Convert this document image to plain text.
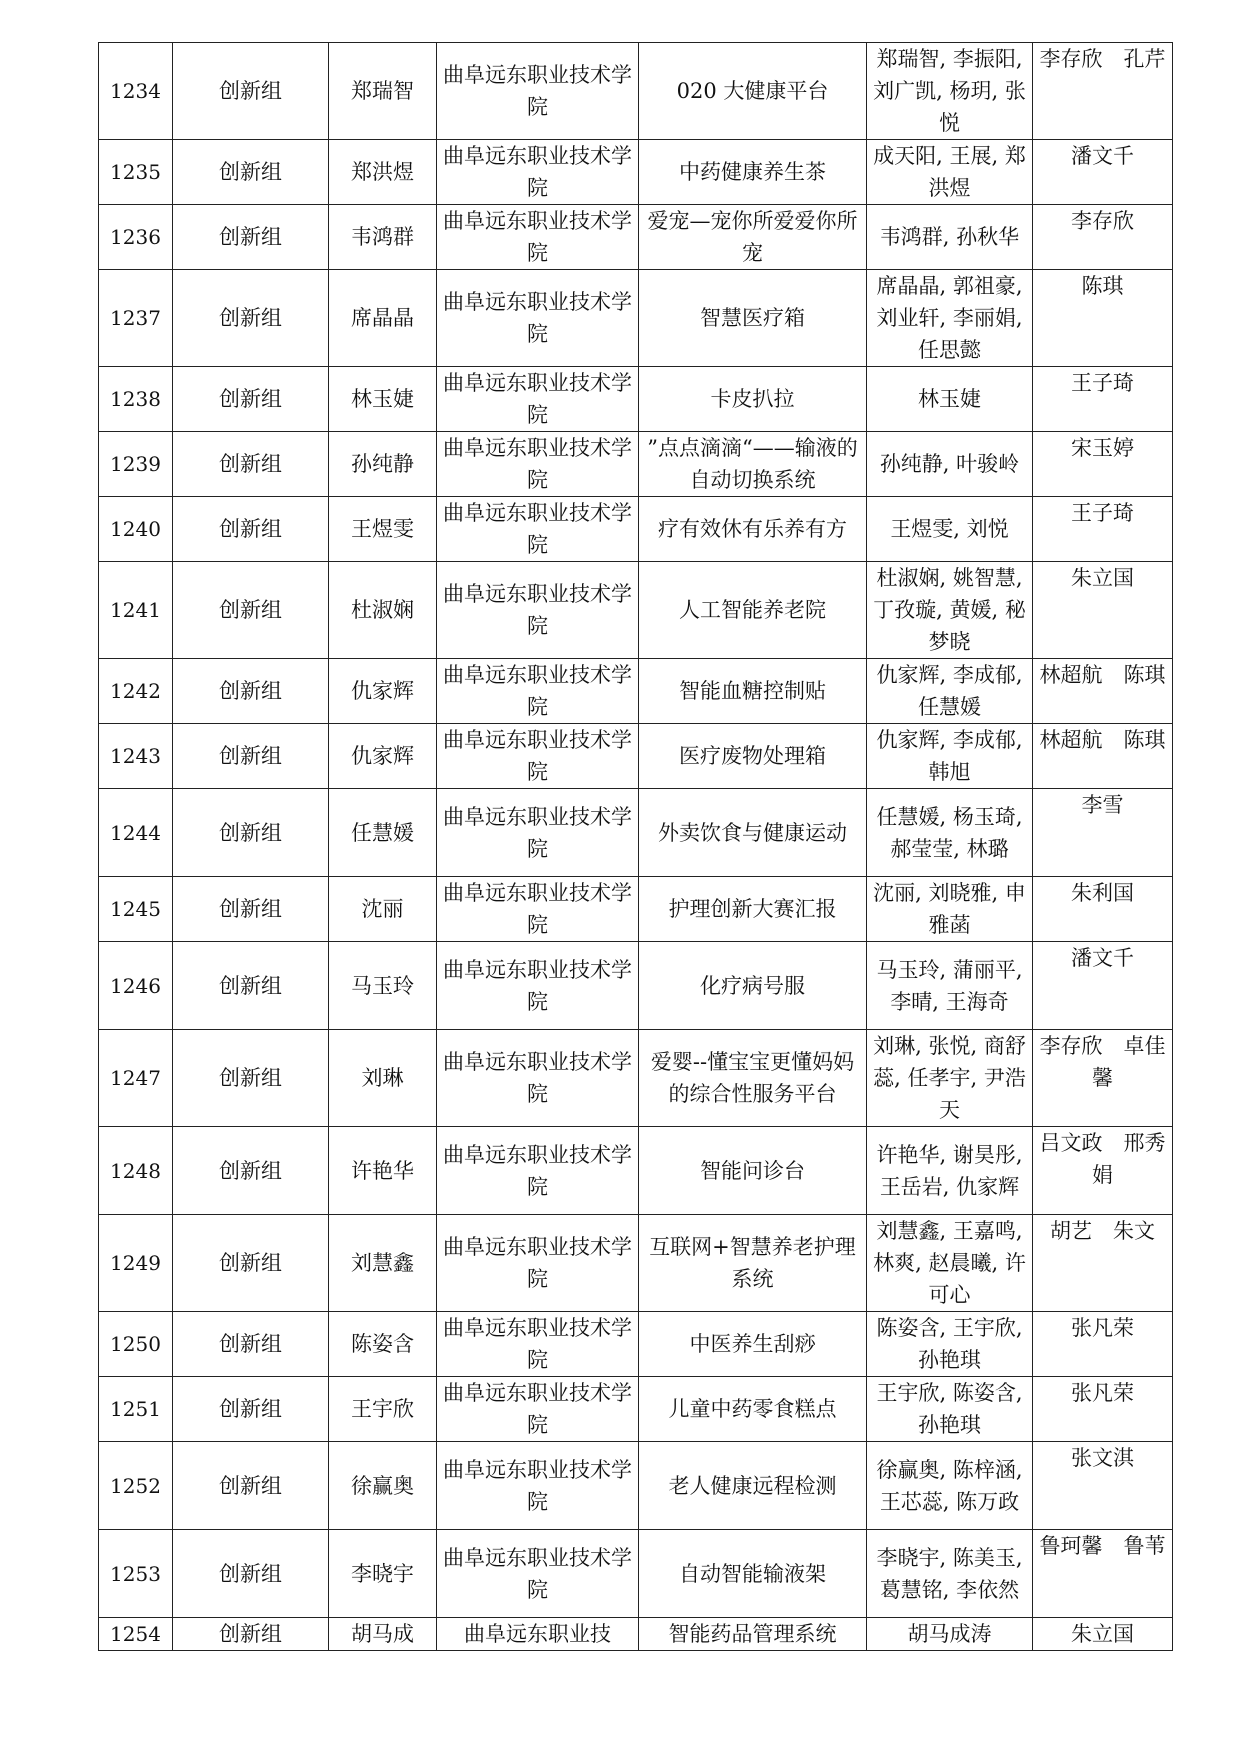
1234	创新组	郑瑞智	曲阜远东职业技术学院	020 大健康平台	郑瑞智, 李振阳, 刘广凯, 杨玥, 张悦	李存欣　孔芹
1235	创新组	郑洪煜	曲阜远东职业技术学院	中药健康养生茶	成天阳, 王展, 郑洪煜	潘文千
1236	创新组	韦鸿群	曲阜远东职业技术学院	爱宠—宠你所爱爱你所宠	韦鸿群, 孙秋华	李存欣
1237	创新组	席晶晶	曲阜远东职业技术学院	智慧医疗箱	席晶晶, 郭祖豪, 刘业轩, 李丽娟, 任思懿	陈琪
1238	创新组	林玉婕	曲阜远东职业技术学院	卡皮扒拉	林玉婕	王子琦
1239	创新组	孙纯静	曲阜远东职业技术学院	”点点滴滴“——输液的自动切换系统	孙纯静, 叶骏岭	宋玉婷
1240	创新组	王煜雯	曲阜远东职业技术学院	疗有效休有乐养有方	王煜雯, 刘悦	王子琦
1241	创新组	杜淑娴	曲阜远东职业技术学院	人工智能养老院	杜淑娴, 姚智慧, 丁孜璇, 黄媛, 秘梦晓	朱立国
1242	创新组	仇家辉	曲阜远东职业技术学院	智能血糖控制贴	仇家辉, 李成郁, 任慧媛	林超航　陈琪
1243	创新组	仇家辉	曲阜远东职业技术学院	医疗废物处理箱	仇家辉, 李成郁, 韩旭	林超航　陈琪
1244	创新组	任慧媛	曲阜远东职业技术学院	外卖饮食与健康运动	任慧媛, 杨玉琦, 郝莹莹, 林璐	李雪
1245	创新组	沈丽	曲阜远东职业技术学院	护理创新大赛汇报	沈丽, 刘晓雅, 申雅菡	朱利国
1246	创新组	马玉玲	曲阜远东职业技术学院	化疗病号服	马玉玲, 蒲丽平, 李晴, 王海奇	潘文千
1247	创新组	刘琳	曲阜远东职业技术学院	爱婴--懂宝宝更懂妈妈的综合性服务平台	刘琳, 张悦, 商舒蕊, 任孝宇, 尹浩天	李存欣　卓佳馨
1248	创新组	许艳华	曲阜远东职业技术学院	智能问诊台	许艳华, 谢昊彤, 王岳岩, 仇家辉	吕文政　邢秀娟
1249	创新组	刘慧鑫	曲阜远东职业技术学院	互联网+智慧养老护理系统	刘慧鑫, 王嘉鸣, 林爽, 赵晨曦, 许可心	胡艺　朱文
1250	创新组	陈姿含	曲阜远东职业技术学院	中医养生刮痧	陈姿含, 王宇欣, 孙艳琪	张凡荣
1251	创新组	王宇欣	曲阜远东职业技术学院	儿童中药零食糕点	王宇欣, 陈姿含, 孙艳琪	张凡荣
1252	创新组	徐赢奥	曲阜远东职业技术学院	老人健康远程检测	徐赢奥, 陈梓涵, 王芯蕊, 陈万政	张文淇
1253	创新组	李晓宇	曲阜远东职业技术学院	自动智能输液架	李晓宇, 陈美玉, 葛慧铭, 李依然	鲁珂馨　鲁苇
1254	创新组	胡马成	曲阜远东职业技	智能药品管理系统	胡马成涛	朱立国
